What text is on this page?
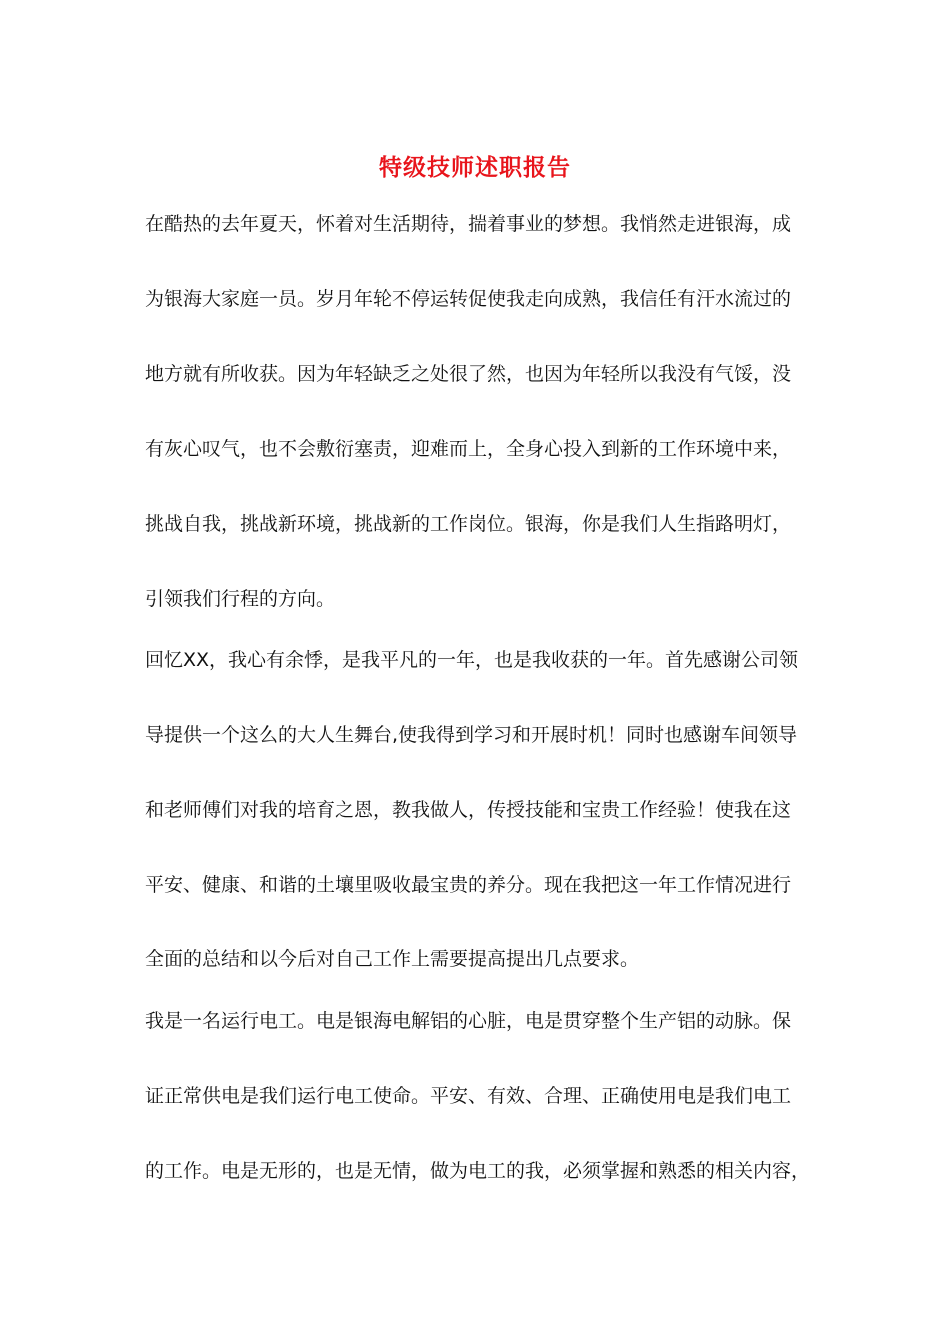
特级技师述职报告
在酷热的去年夏天，怀着对生活期待，揣着事业的梦想。我悄然走进银海，成
为银海大家庭一员。岁月年轮不停运转促使我走向成熟，我信任有汗水流过的
地方就有所收获。因为年轻缺乏之处很了然，也因为年轻所以我没有气馁，没
有灰心叹气，也不会敷衍塞责，迎难而上，全身心投入到新的工作环境中来，
挑战自我，挑战新环境，挑战新的工作岗位。银海，你是我们人生指路明灯，
引领我们行程的方向。
回忆XX，我心有余悸，是我平凡的一年，也是我收获的一年。首先感谢公司领
导提供一个这么的大人生舞台,使我得到学习和开展时机！同时也感谢车间领导
和老师傅们对我的培育之恩，教我做人，传授技能和宝贵工作经验！使我在这
平安、健康、和谐的土壤里吸收最宝贵的养分。现在我把这一年工作情况进行
全面的总结和以今后对自己工作上需要提高提出几点要求。
我是一名运行电工。电是银海电解铝的心脏，电是贯穿整个生产铝的动脉。保
证正常供电是我们运行电工使命。平安、有效、合理、正确使用电是我们电工
的工作。电是无形的，也是无情，做为电工的我，必须掌握和熟悉的相关内容，
